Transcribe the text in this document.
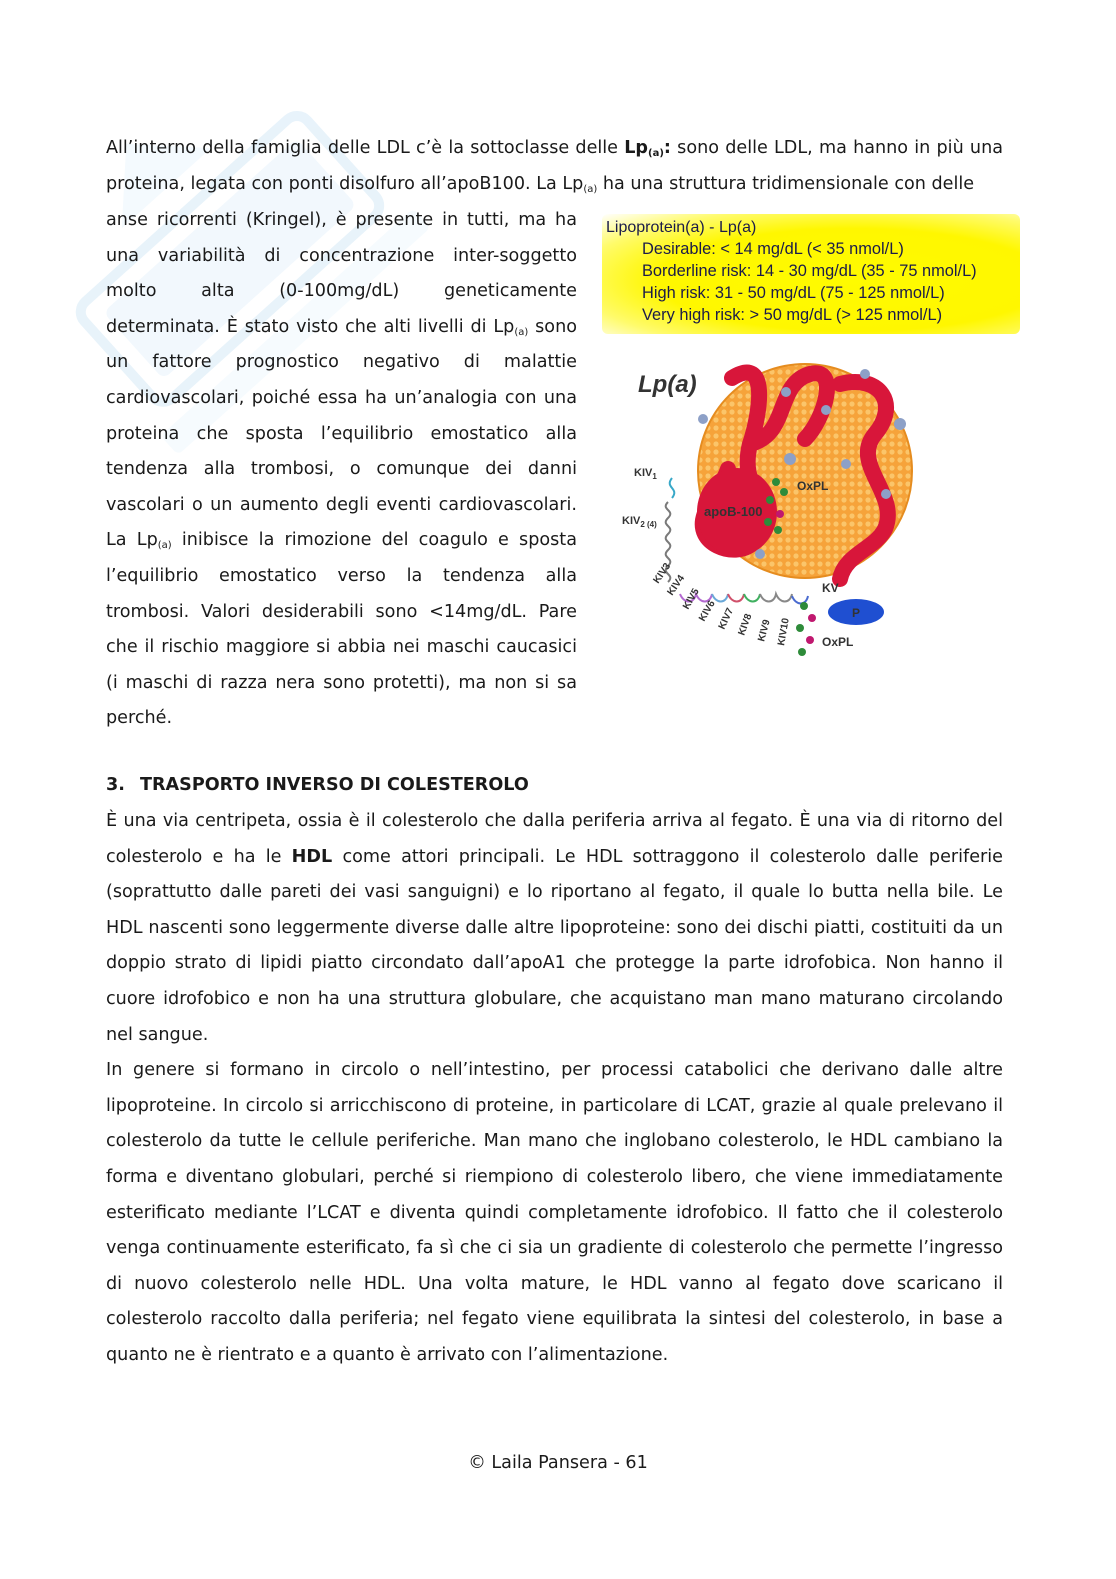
All’interno della famiglia delle LDL c’è la sottoclasse delle $Lp_{(a)}$: sono delle LDL, ma hanno in più una proteina, legata con ponti disolfuro all’apoB100. La $Lp_{(a)}$ ha una struttura tridimensionale con delle
anse ricorrenti (Kringel), è presente in tutti, ma ha
una variabilità di concentrazione inter-soggetto
molto alta (0-100mg/dL) geneticamente
determinata. È stato visto che alti livelli di $Lp_{(a)}$ sono
un fattore prognostico negativo di malattie
cardiovascolari, poiché essa ha un’analogia con una
proteina che sposta l’equilibrio emostatico alla
tendenza alla trombosi, o comunque dei danni
vascolari o un aumento degli eventi cardiovascolari.
La $Lp_{(a)}$ inibisce la rimozione del coagulo e sposta
l’equilibrio emostatico verso la tendenza alla
trombosi. Valori desiderabili sono <14mg/dL. Pare
che il rischio maggiore si abbia nei maschi caucasici
(i maschi di razza nera sono protetti), ma non si sa
perché.
Lipoprotein(a) - Lp(a)
Desirable: < 14 mg/dL (< 35 nmol/L)
Borderline risk: 14 - 30 mg/dL (35 - 75 nmol/L)
High risk: 31 - 50 mg/dL (75 - 125 nmol/L)
Very high risk: > 50 mg/dL (> 125 nmol/L)
Lp(a)
apoB-100
OxPL
$KIV_1$
$KIV_{2 (4)}$
KIV3
KIV4
KIV5
KIV6 KIV7 KIV8 KIV9 KIV10
KV
OxPL
P
3. TRASPORTO INVERSO DI COLESTEROLO

È una via centripeta, ossia è il colesterolo che dalla periferia arriva al fegato. È una via di ritorno del colesterolo e ha le HDL come attori principali. Le HDL sottraggono il colesterolo dalle periferie (soprattutto dalle pareti dei vasi sanguigni) e lo riportano al fegato, il quale lo butta nella bile. Le HDL nascenti sono leggermente diverse dalle altre lipoproteine: sono dei dischi piatti, costituiti da un doppio strato di lipidi piatto circondato dall’apoA1 che protegge la parte idrofobica. Non hanno il cuore idrofobico e non ha una struttura globulare, che acquistano man mano maturano circolando nel sangue.

In genere si formano in circolo o nell’intestino, per processi catabolici che derivano dalle altre lipoproteine. In circolo si arricchiscono di proteine, in particolare di LCAT, grazie al quale prelevano il colesterolo da tutte le cellule periferiche. Man mano che inglobano colesterolo, le HDL cambiano la forma e diventano globulari, perché si riempiono di colesterolo libero, che viene immediatamente esterificato mediante l’LCAT e diventa quindi completamente idrofobico. Il fatto che il colesterolo venga continuamente esterificato, fa sì che ci sia un gradiente di colesterolo che permette l’ingresso di nuovo colesterolo nelle HDL. Una volta mature, le HDL vanno al fegato dove scaricano il colesterolo raccolto dalla periferia; nel fegato viene equilibrata la sintesi del colesterolo, in base a quanto ne è rientrato e a quanto è arrivato con l’alimentazione.

© Laila Pansera - 61
